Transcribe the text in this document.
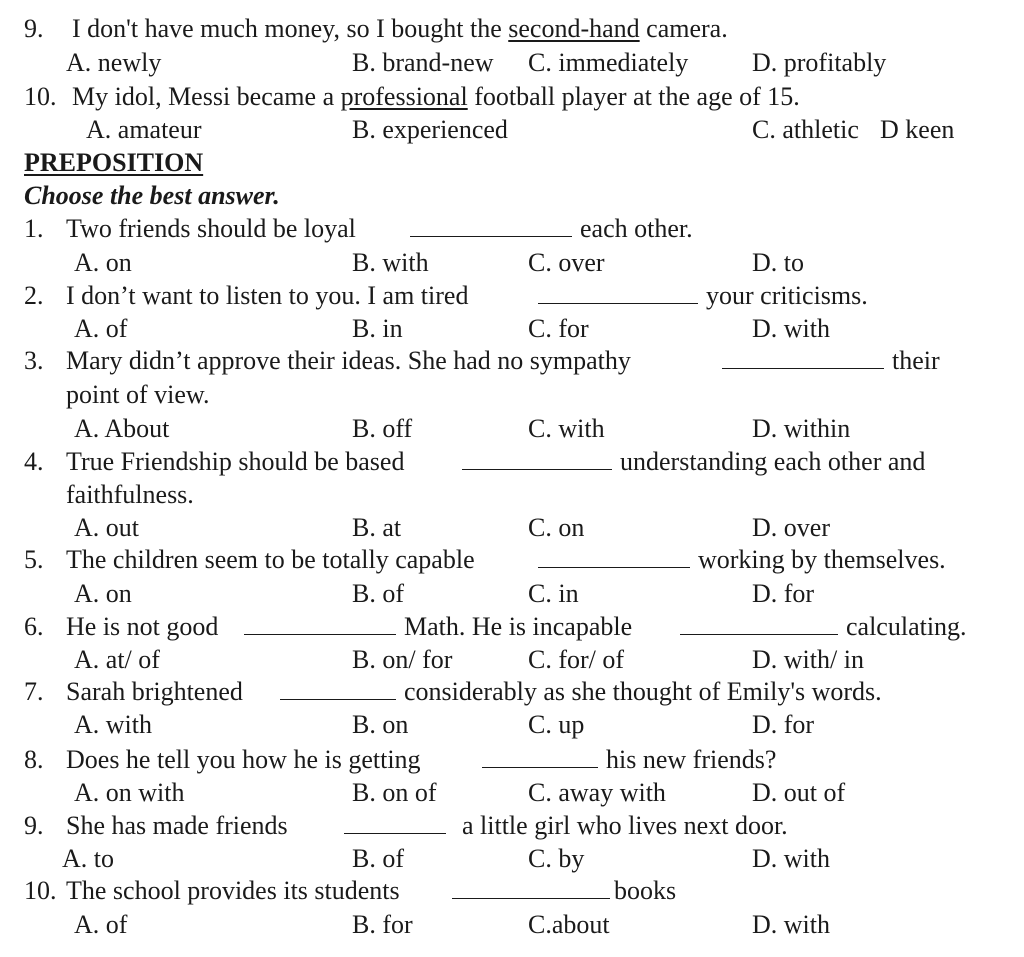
9. I don't have much money, so I bought the second-hand camera.
A. newly	B. brand-new C. immediately D. profitably
10. My idol, Messi became a professional football player at the age of 15.
A. amateur	B. experienced	C. athletic D keen
PREPOSITION
Choose the best answer.
1. Two friends should be loyal	each other.
A. on	B. with	C. over	D. to
2. I don’t want to listen to you. I am tired	your criticisms.
A. of	B. in	C. for	D. with
3. Mary didn’t approve their ideas. She had no sympathy	their
point of view.
A. About	B. off	C. with	D. within
4. True Friendship should be based	understanding each other and
faithfulness.
A. out	B. at	C. on	D. over
5. The children seem to be totally capable	working by themselves.
A. on	B. of	C. in	D. for
6. He is not good	Math. He is incapable	calculating.
A. at/ of	B. on/ for	C. for/ of	D. with/ in
7. Sarah brightened	considerably as she thought of Emily's words.
A. with	B. on	C. up	D. for
8. Does he tell you how he is getting	his new friends?
A. on with	B. on of	C. away with	D. out of
9. She has made friends	a little girl who lives next door.
A. to	B. of	C. by	D. with
10. The school provides its students	books
A. of	B. for	C.about	D. with
